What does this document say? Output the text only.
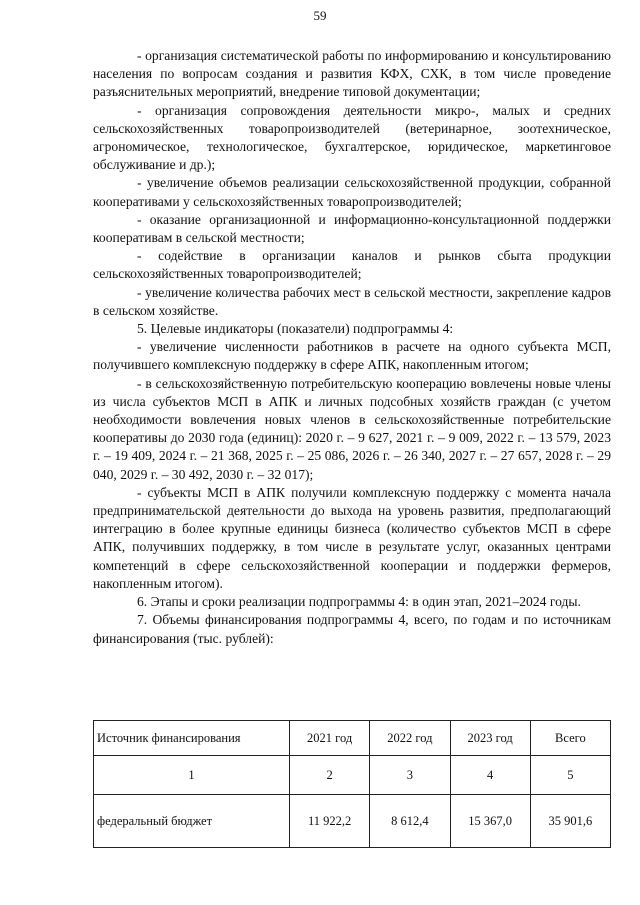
59

- организация систематической работы по информированию и консультированию населения по вопросам создания и развития КФХ, СХК, в том числе проведение разъяснительных мероприятий, внедрение типовой документации;

- организация сопровождения деятельности микро-, малых и средних сельскохозяйственных товаропроизводителей (ветеринарное, зоотехническое, агрономическое, технологическое, бухгалтерское, юридическое, маркетинговое обслуживание и др.);

- увеличение объемов реализации сельскохозяйственной продукции, собранной кооперативами у сельскохозяйственных товаропроизводителей;

- оказание организационной и информационно-консультационной поддержки кооперативам в сельской местности;

- содействие в организации каналов и рынков сбыта продукции сельскохозяйственных товаропроизводителей;

- увеличение количества рабочих мест в сельской местности, закрепление кадров в сельском хозяйстве.

5. Целевые индикаторы (показатели) подпрограммы 4:

- увеличение численности работников в расчете на одного субъекта МСП, получившего комплексную поддержку в сфере АПК, накопленным итогом;

- в сельскохозяйственную потребительскую кооперацию вовлечены новые члены из числа субъектов МСП в АПК и личных подсобных хозяйств граждан (с учетом необходимости вовлечения новых членов в сельскохозяйственные потребительские кооперативы до 2030 года (единиц): 2020 г. – 9 627, 2021 г. – 9 009, 2022 г. – 13 579, 2023 г. – 19 409, 2024 г. – 21 368, 2025 г. – 25 086, 2026 г. – 26 340, 2027 г. – 27 657, 2028 г. – 29 040, 2029 г. – 30 492, 2030 г. – 32 017);

- субъекты МСП в АПК получили комплексную поддержку с момента начала предпринимательской деятельности до выхода на уровень развития, предполагающий интеграцию в более крупные единицы бизнеса (количество субъектов МСП в сфере АПК, получивших поддержку, в том числе в результате услуг, оказанных центрами компетенций в сфере сельскохозяйственной кооперации и поддержки фермеров, накопленным итогом).

6. Этапы и сроки реализации подпрограммы 4: в один этап, 2021–2024 годы.

7. Объемы финансирования подпрограммы 4, всего, по годам и по источникам финансирования (тыс. рублей):

Источник финансирования	2021 год	2022 год	2023 год	Всего
1	2	3	4	5
федеральный бюджет	11 922,2	8 612,4	15 367,0	35 901,6
